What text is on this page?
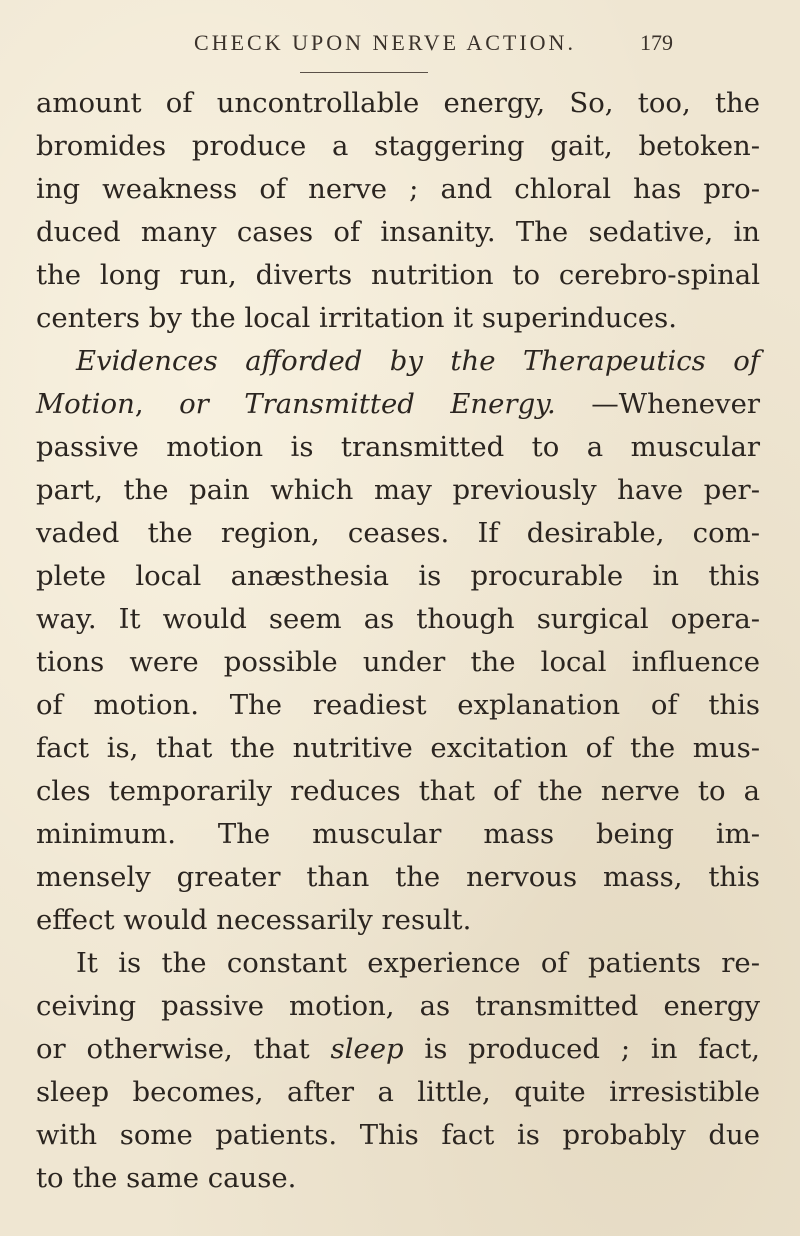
CHECK UPON NERVE ACTION.	179
amount of uncontrollable energy, So, too, the
bromides produce a staggering gait, betoken-
ing weakness of nerve ; and chloral has pro-
duced many cases of insanity. The sedative, in
the long run, diverts nutrition to cerebro-spinal
centers by the local irritation it superinduces.
Evidences afforded by the Therapeutics of
Motion, or Transmitted Energy. —Whenever
passive motion is transmitted to a muscular
part, the pain which may previously have per-
vaded the region, ceases. If desirable, com-
plete local anæsthesia is procurable in this
way. It would seem as though surgical opera-
tions were possible under the local influence
of motion. The readiest explanation of this
fact is, that the nutritive excitation of the mus-
cles temporarily reduces that of the nerve to a
minimum. The muscular mass being im-
mensely greater than the nervous mass, this
effect would necessarily result.
It is the constant experience of patients re-
ceiving passive motion, as transmitted energy
or otherwise, that sleep is produced ; in fact,
sleep becomes, after a little, quite irresistible
with some patients. This fact is probably due
to the same cause.
